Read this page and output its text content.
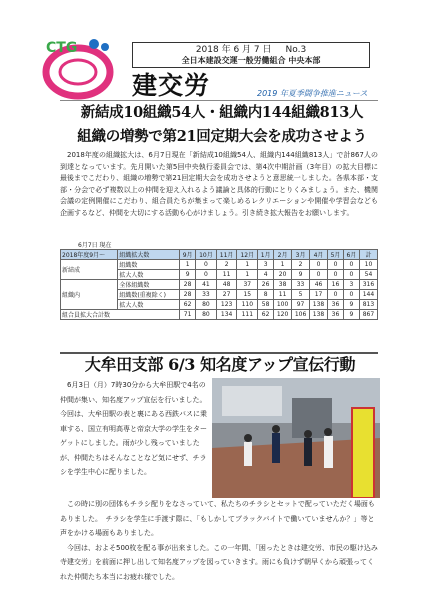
CTG	2018 年 6 月 7 日 No.3
全日本建設交運一般労働組合 中央本部
建交労	2019 年夏季闘争推進ニュース
新結成10組織54人・組織内144組織813人
組織の増勢で第21回定期大会を成功させよう

2018年度の組織拡大は、6月7日現在「新結成10組織54人、組織内144組織813人」で計867人の到達となっています。先月開いた第5回中央執行委員会では、第4次中期計画（3年目）の拡大目標に最後までこだわり、組織の増勢で第21回定期大会を成功させようと意思統一しました。各県本部・支部・分会で必ず複数以上の仲間を迎え入れるよう議論と具体的行動にとりくみましょう。また、機関会議の定例開催にこだわり、組合員たちが集まって楽しめるレクリエーションや開催や学習会なども企画するなど、仲間を大切にする活動も心がけましょう。引き続き拡大報告をお願いします。

6月7日 現在
2018年度9月～	組織拡大数	9月	10月	11月	12月	1月	2月	3月	4月	5月	6月	計
新結成	組織数	1	0	2	1	3	1	2	0	0	0	10
	拡大人数	9	0	11	1	4	20	9	0	0	0	54
組織内	全体組織数	28	41	48	37	26	38	33	46	16	3	316
	組織数(重複除く)	28	33	27	15	8	11	5	17	0	0	144
	拡大人数	62	80	123	110	58	100	97	138	36	9	813
組合員拡大合計数		71	80	134	111	62	120	106	138	36	9	867
大牟田支部 6/3 知名度アップ宣伝行動

6月3日（月）7時30分から大牟田駅で4名の仲間が集い、知名度アップ宣伝を行いました。今回は、大牟田駅の表と裏にある西鉄バスに乗車する、国立有明高専と帝京大学の学生をターゲットにしました。雨が少し残っていましたが、仲間たちはそんなことなど気にせず、チラシを学生中心に配りました。

この時に別の団体もチラシ配りをなさっていて、私たちのチラシとセットで配っていただく場面もありました。　チラシを学生に手渡す際に、「もしかしてブラックバイトで働いていませんか？」等と声をかける場面もありました。

今回は、およそ500枚を配る事が出来ました。この一年間、「困ったときは建交労、市民の駆け込み寺建交労」を前面に押し出して知名度アップを図っていきます。雨にも負けず朝早くから頑張ってくれた仲間たち本当にお疲れ様でした。
